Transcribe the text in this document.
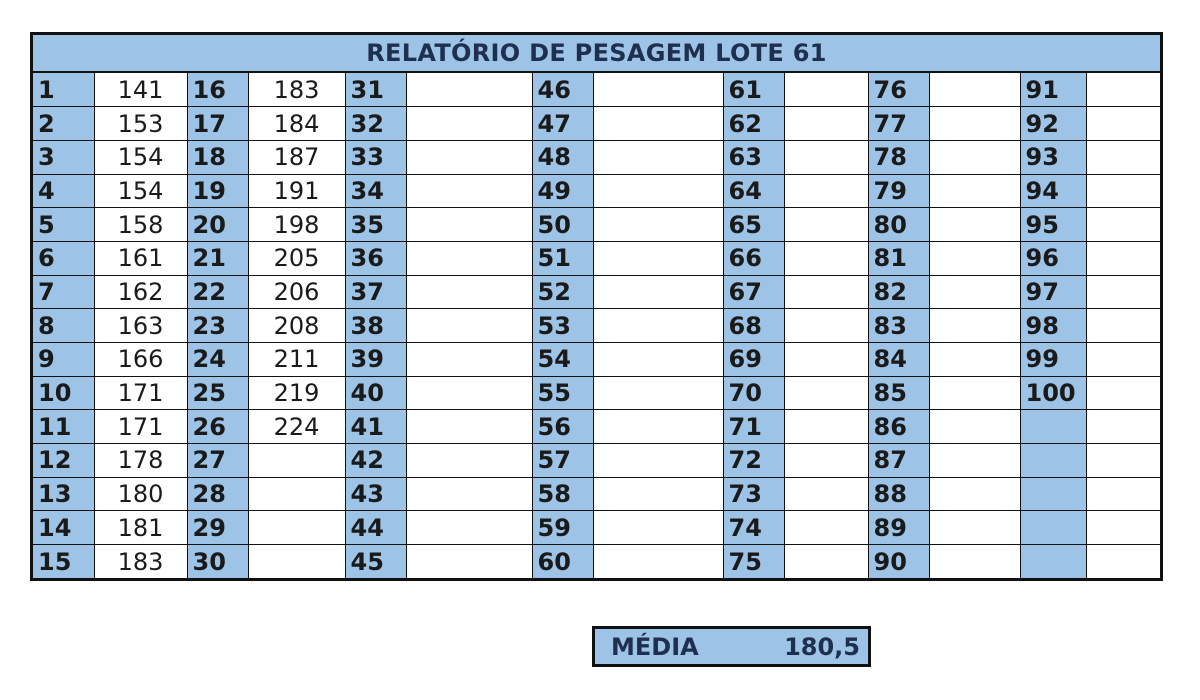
RELATÓRIO DE PESAGEM LOTE 61
1	141	16	183	31		46		61		76		91	
2	153	17	184	32		47		62		77		92	
3	154	18	187	33		48		63		78		93	
4	154	19	191	34		49		64		79		94	
5	158	20	198	35		50		65		80		95	
6	161	21	205	36		51		66		81		96	
7	162	22	206	37		52		67		82		97	
8	163	23	208	38		53		68		83		98	
9	166	24	211	39		54		69		84		99	
10	171	25	219	40		55		70		85		100	
11	171	26	224	41		56		71		86			
12	178	27		42		57		72		87			
13	180	28		43		58		73		88			
14	181	29		44		59		74		89			
15	183	30		45		60		75		90			
MÉDIA	180,5
